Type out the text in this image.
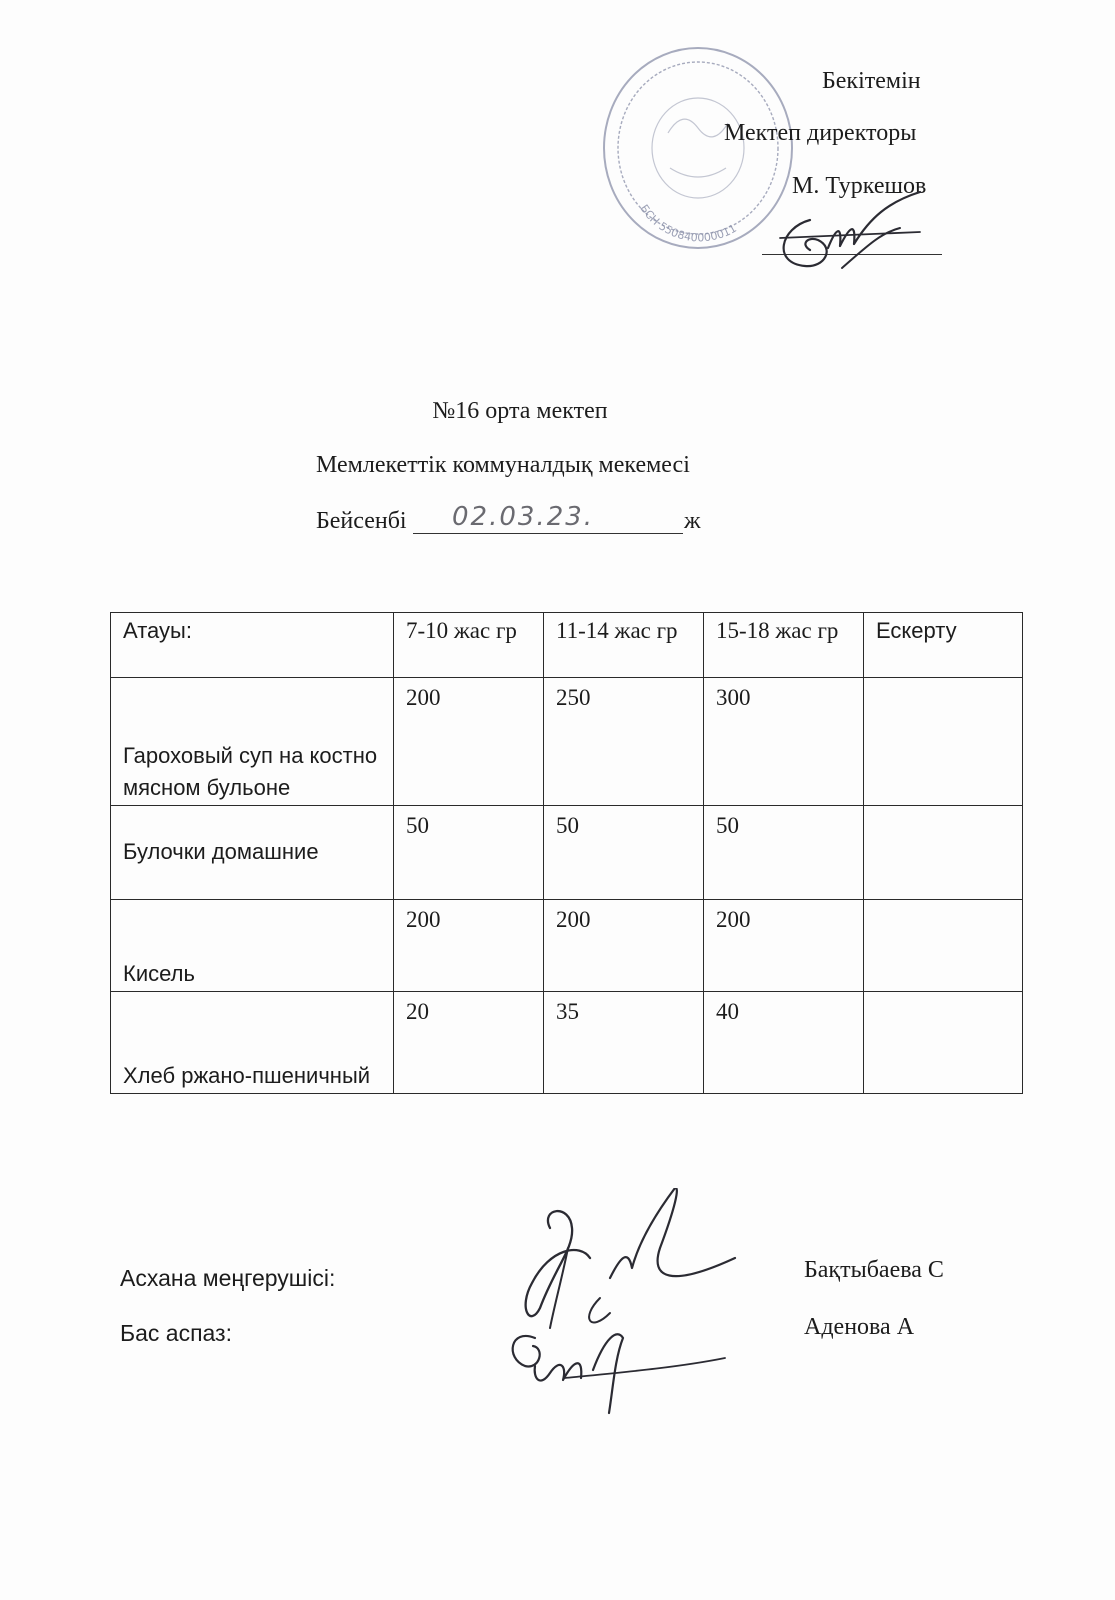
БСН 550840000011
Бекітемін
Мектеп директоры
М. Туркешов
№16 орта мектеп
Мемлекеттік коммуналдық мекемесі
Бейсенбі 02.03.23.	ж
Атауы:	7-10 жас гр	11-14 жас гр	15-18 жас гр	Ескерту
Гароховый суп на костно мясном бульоне	200	250	300	
Булочки домашние	50	50	50	
Кисель	200	200	200	
Хлеб ржано-пшеничный	20	35	40	
Асхана меңгерушісі:
Бас аспаз:
Бақтыбаева С
Аденова А
